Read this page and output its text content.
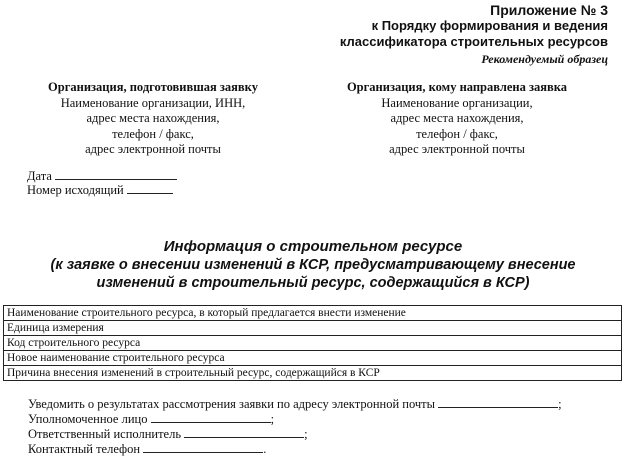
Приложение № 3
к Порядку формирования и ведения
классификатора строительных ресурсов
Рекомендуемый образец
Организация, подготовившая заявку
Наименование организации, ИНН,
адрес места нахождения,
телефон / факс,
адрес электронной почты
Организация, кому направлена заявка
Наименование организации,
адрес места нахождения,
телефон / факс,
адрес электронной почты
Дата
Номер исходящий
Информация о строительном ресурсе
(к заявке о внесении изменений в КСР, предусматривающему внесение
изменений в строительный ресурс, содержащийся в КСР)
Наименование строительного ресурса, в который предлагается внести изменение
Единица измерения
Код строительного ресурса
Новое наименование строительного ресурса
Причина внесения изменений в строительный ресурс, содержащийся в КСР
Уведомить о результатах рассмотрения заявки по адресу электронной почты	;
Уполномоченное лицо	;
Ответственный исполнитель	;
Контактный телефон	.
